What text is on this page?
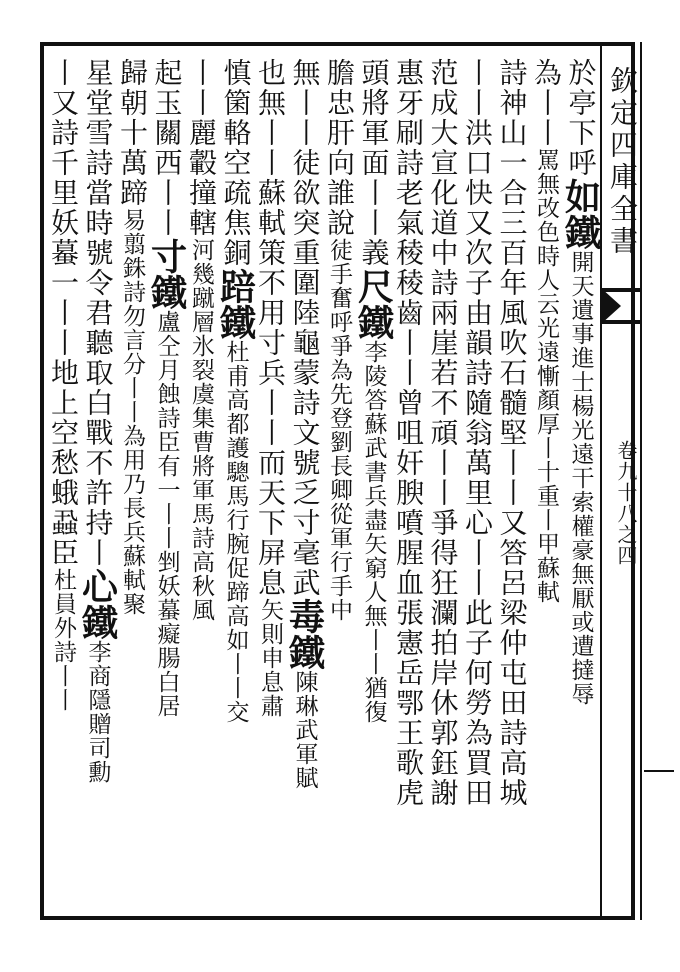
欽定四庫全書
卷九十八之四
於亭下呼如鐵開天遺事進士楊光遠干索權豪無厭或遭撻辱
為丨丨罵無改色時人云光遠慚顏厚丨十重丨甲蘇軾
詩神山一合三百年風吹石髓堅丨丨又答呂梁仲屯田詩高城
丨丨洪口快又次子由韻詩隨翁萬里心丨丨此子何勞為買田
范成大宣化道中詩兩崖若不頑丨丨爭得狂瀾拍岸休郭鈺謝
惠牙刷詩老氣稜稜齒丨丨曾咀奸腴噴腥血張憲岳鄂王歌虎
頭將軍面丨丨義尺鐵李陵答蘇武書兵盡矢窮人無丨丨猶復
膽忠肝向誰說徒手奮呼爭為先登劉長卿從軍行手中
無丨丨徒欲突重圍陸龜蒙詩文號乏寸毫武毒鐵陳琳武軍賦
也無丨丨蘇軾策不用寸兵丨丨而天下屏息矢則申息肅
慎箘輅空疏焦銅踣鐵杜甫高都護驄馬行腕促蹄高如丨丨交
丨丨麗轂撞轄河幾蹴層氷裂虞集曹將軍馬詩高秋風
起玉關西丨丨寸鐵盧仝月蝕詩臣有一丨丨剉妖蟇癡腸白居
歸朝十萬蹄易翦銖詩勿言分丨丨為用乃長兵蘇軾聚
星堂雪詩當時號令君聽取白戰不許持丨心鐵李商隱贈司勳
丨又詩千里妖蟇一丨丨地上空愁蛾蝨臣杜員外詩丨丨
